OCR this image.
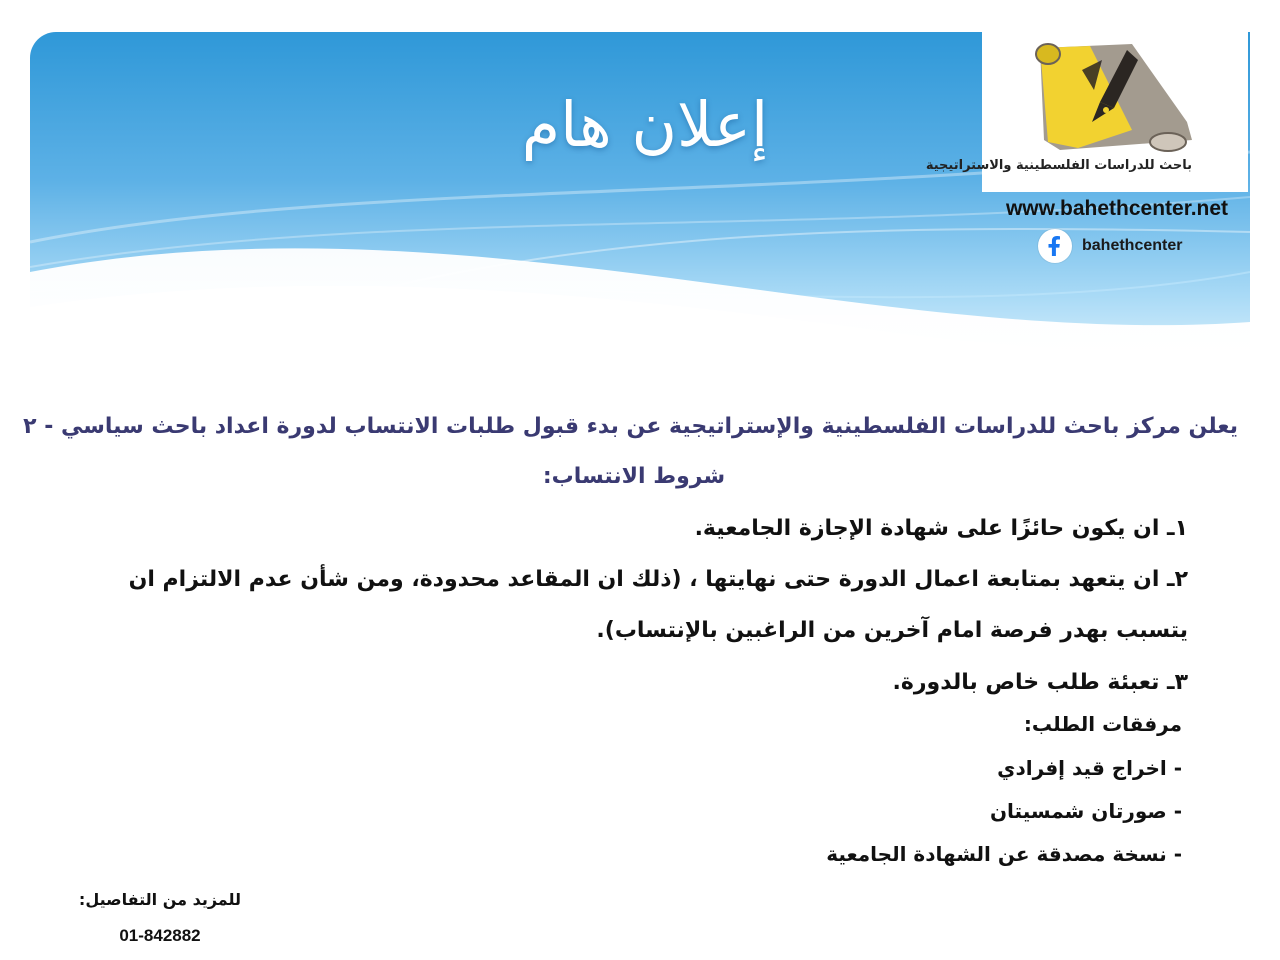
إعلان هام
باحث للدراسات الفلسطينية والاستراتيجية
www.bahethcenter.net
bahethcenter
يعلن مركز باحث للدراسات الفلسطينية والإستراتيجية عن بدء قبول طلبات الانتساب لدورة اعداد باحث سياسي - ٢
شروط الانتساب:
١ـ ان يكون حائزًا على شهادة الإجازة الجامعية.
٢ـ ان يتعهد بمتابعة اعمال الدورة حتى نهايتها ، (ذلك ان المقاعد محدودة، ومن شأن عدم الالتزام ان
يتسبب بهدر فرصة امام آخرين من الراغبين بالإنتساب).
٣ـ تعبئة طلب خاص بالدورة.
مرفقات الطلب:
- اخراج قيد إفرادي
- صورتان شمسيتان
- نسخة مصدقة عن الشهادة الجامعية
للمزيد من التفاصيل:
01-842882
